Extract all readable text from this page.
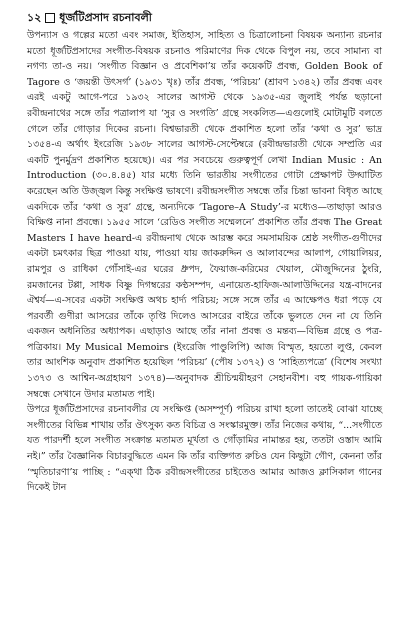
১২ ধূর্জটিপ্রসাদ রচনাবলী

উপন্যাস ও গল্পের মতো এবং সমাজ, ইতিহাস, সাহিত্য ও চিত্রালোচনা বিষয়ক অন্যান্য রচনার মতো ধূর্জটিপ্রসাদের সংগীত-বিষয়ক রচনাও পরিমাণের দিক থেকে বিপুল নয়, তবে সামান্য বা নগণ্য তা-ও নয়। ‘সংগীত বিজ্ঞান ও প্রবেশিকা’য় তাঁর কয়েকটি প্রবন্ধ, Golden Book of Tagore ও ‘জয়ন্তী উৎসর্গ’ (১৯৩১ খৃঃ) তাঁর প্রবন্ধ, ‘পরিচয়’ (শ্রাবণ ১৩৪২) তাঁর প্রবন্ধ এবং এরই একটু আগে-পরে ১৯৩২ সালের আগস্ট থেকে ১৯৩৫-এর জুলাই পর্যন্ত ছড়ানো রবীন্দ্রনাথের সঙ্গে তাঁর পত্রালাপ যা ‘সুর ও সংগতি’ গ্রন্থে সংকলিত—এগুলোই মোটামুটি বলতে গেলে তাঁর গোড়ার দিকের রচনা। বিশ্বভারতী থেকে প্রকাশিত হলো তাঁর ‘কথা ও সুর’ ভাদ্র ১৩৫৪-এ অর্থাৎ ইংরেজি ১৯৩৮ সালের আগস্ট-সেপ্টেম্বরে (রবীন্দ্রভারতী থেকে সম্প্রতি এর একটি পুনর্মুদ্রণ প্রকাশিত হয়েছে)। এর পর সবচেয়ে গুরুত্বপূর্ণ লেখা Indian Music : An Introduction (৩০.৪.৪৫) যার মধ্যে তিনি ভারতীয় সংগীতের গোটা প্রেক্ষাপট উদ্ঘাটিত করেছেন অতি উজ্জ্বল কিন্তু সংক্ষিপ্ত ভাষণে। রবীন্দ্রসংগীত সম্বন্ধে তাঁর চিন্তা ভাবনা বিধৃত আছে একদিকে তাঁর ‘কথা ও সুর’ গ্রন্থে, অন্যদিকে ‘Tagore–A Study’-র মধ্যেও—তাছাড়া আরও বিক্ষিপ্ত নানা প্রবন্ধে। ১৯৫৫ সালে ‘রেডিও সংগীত সম্মেলনে’ প্রকাশিত তাঁর প্রবন্ধ The Great Masters I have heard-এ রবীন্দ্রনাথ থেকে আরম্ভ করে সমসাময়িক শ্রেষ্ঠ সংগীত-গুণীদের একটা চমৎকার ছিত্র পাওয়া যায়, পাওয়া যায় জাকরুদ্দিন ও আলাবন্দের আলাপ, গোয়ালিয়র, রামপুর ও রাধিকা গোঁসাই-এর ঘরের ধ্রুপদ, ফৈয়াজ-করিমের খেয়াল, মৌজুদ্দিনের ঠুংরি, রমজানের টপ্পা, সাধক বিষ্ণু দিগম্বরের কণ্ঠসম্পদ, এনায়েত-হাফিজ-আলাউদ্দিনের যন্ত্র-বাদনের ঐশ্বর্য—এ-সবের একটা সংক্ষিপ্ত অথচ হার্দ্য পরিচয়; সঙ্গে সঙ্গে তাঁর এ আক্ষেপও ধরা পড়ে যে পরবর্তী গুণীরা আসরের তাঁকে তৃপ্তি দিলেও আসরের বাইরে তাঁকে ভুলতে দেন না যে তিনি একজন অধনিতির অধ্যাপক। এছাড়াও আছে তাঁর নানা প্রবন্ধ ও মন্তব্য—বিভিন্ন গ্রন্থে ও পত্র-পত্রিকায়। My Musical Memoirs (ইংরেজি পাণ্ডুলিপি) আজ বিস্মৃত, হয়তো লুপ্ত, কেবল তার আংশিক অনুবাদ প্রকাশিত হয়েছিল ‘পরিচয়’ (পৌষ ১৩৭২) ও ‘সাহিত্যপত্রে’ (বিশেষ সংখ্যা ১৩৭৩ ও আশ্বিন-অগ্রহায়ণ ১৩৭৪)—অনুবাদক শ্রীচিন্ময়ীহরণ সেহানবীশ। বহু গায়ক-গায়িকা সম্বন্ধে সেখানে উদার মতামত পাই।

উপরে ধূর্জটিপ্রসাদের রচনাবলীর যে সংক্ষিপ্ত (অসম্পূর্ণ) পরিচয় রাখা হলো তাতেই বোঝা যাচ্ছে সংগীতের বিভিন্ন শাখায় তাঁর ঔৎসুক্য কত বিচিত্র ও সংস্কারমুক্ত। তাঁর নিজের কথায়, “...সংগীতে যত পারদর্শী হলে সংগীত সংক্রান্ত মতামত মূর্খতা ও গোঁড়ামির নামান্তর হয়, ততটা ওস্তাদ আমি নই।” তাঁর বৈজ্ঞানিক বিচারবুদ্ধিতে এমন কি তাঁর ব্যক্তিগত রুচিও যেন কিছুটা গৌণ, কেননা তাঁর ‘স্মৃতিচারণা’য় পাচ্ছি : “এক্থা ঠিক রবীন্দ্রসংগীতের চাইতেও আমার আজও ক্লাসিকাল গানের দিকেই টান
